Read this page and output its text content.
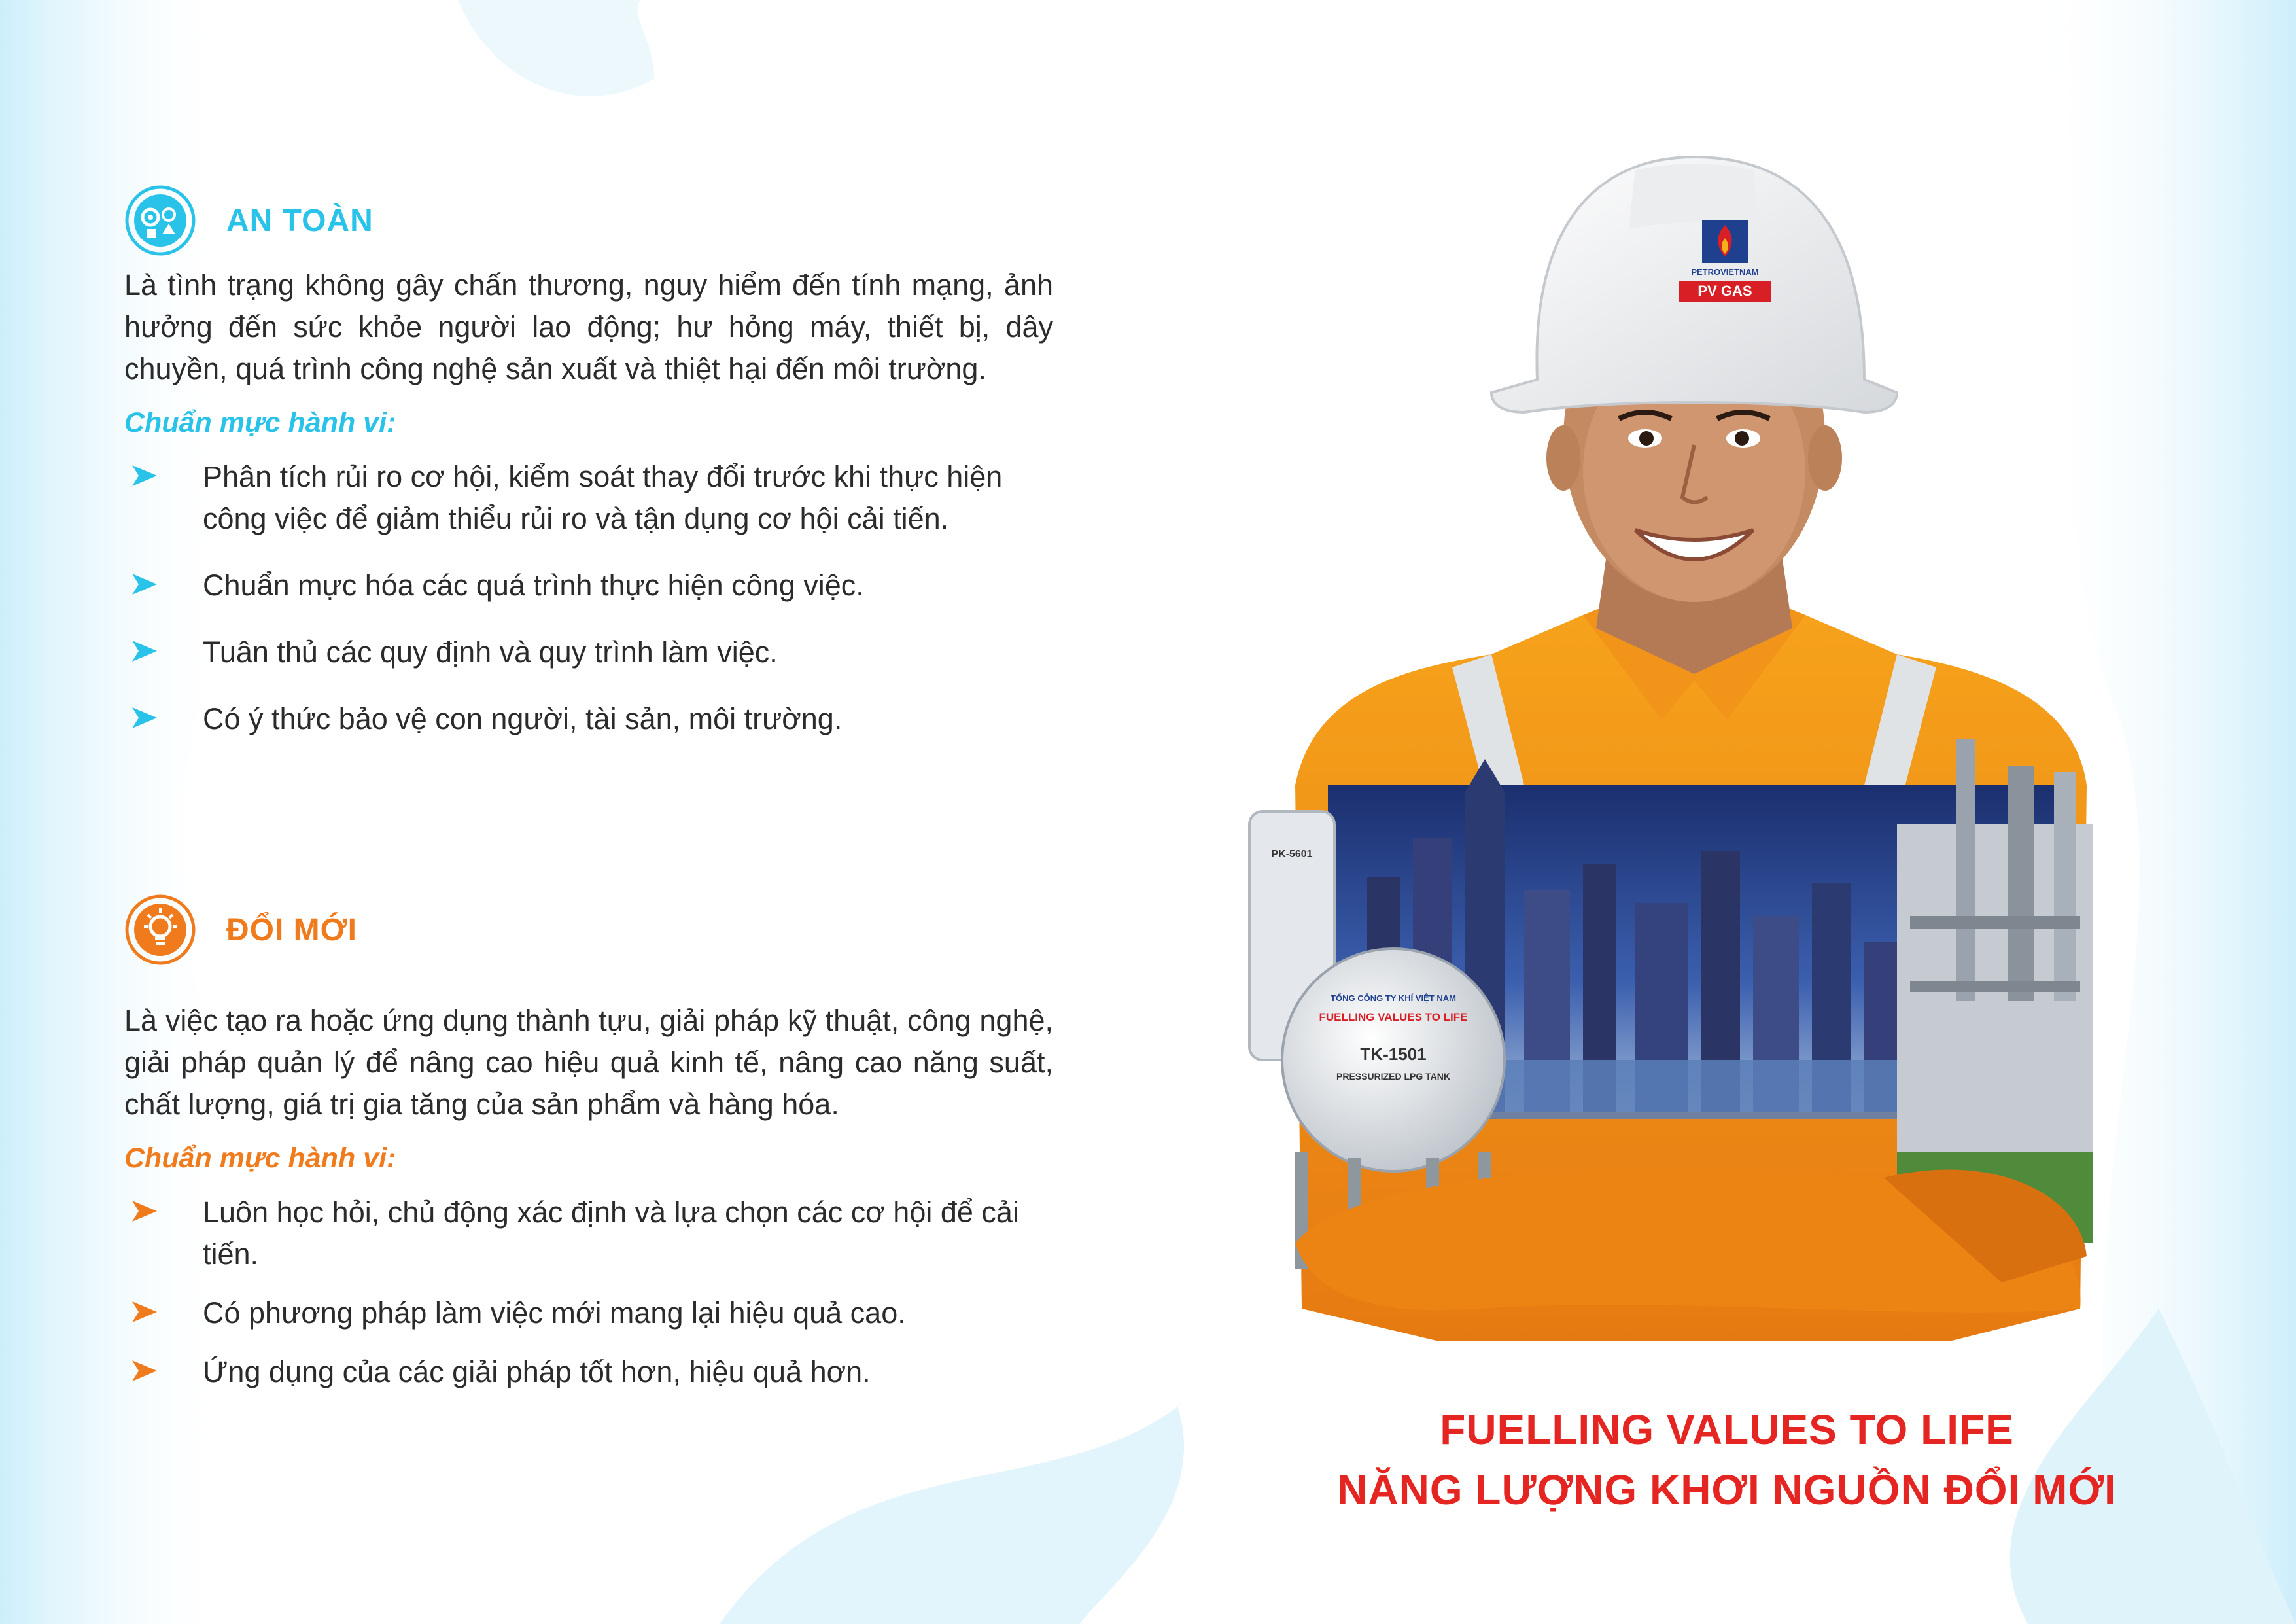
AN TOÀN
Là tình trạng không gây chấn thương, nguy hiểm đến tính mạng, ảnh hưởng đến sức khỏe người lao động; hư hỏng máy, thiết bị, dây chuyền, quá trình công nghệ sản xuất và thiệt hại đến môi trường.
Chuẩn mực hành vi:
Phân tích rủi ro cơ hội, kiểm soát thay đổi trước khi thực hiện công việc để giảm thiểu rủi ro và tận dụng cơ hội cải tiến.
Chuẩn mực hóa các quá trình thực hiện công việc.
Tuân thủ các quy định và quy trình làm việc.
Có ý thức bảo vệ con người, tài sản, môi trường.
ĐỔI MỚI
Là việc tạo ra hoặc ứng dụng thành tựu, giải pháp kỹ thuật, công nghệ, giải pháp quản lý để nâng cao hiệu quả kinh tế, nâng cao năng suất, chất lượng, giá trị gia tăng của sản phẩm và hàng hóa.
Chuẩn mực hành vi:
Luôn học hỏi, chủ động xác định và lựa chọn các cơ hội để cải tiến.
Có phương pháp làm việc mới mang lại hiệu quả cao.
Ứng dụng của các giải pháp tốt hơn, hiệu quả hơn.
PK-5601
TỔNG CÔNG TY KHÍ VIỆT NAM
FUELLING VALUES TO LIFE
TK-1501
PRESSURIZED LPG TANK
PETROVIETNAM
PV GAS
FUELLING VALUES TO LIFE
NĂNG LƯỢNG KHƠI NGUỒN ĐỔI MỚI
